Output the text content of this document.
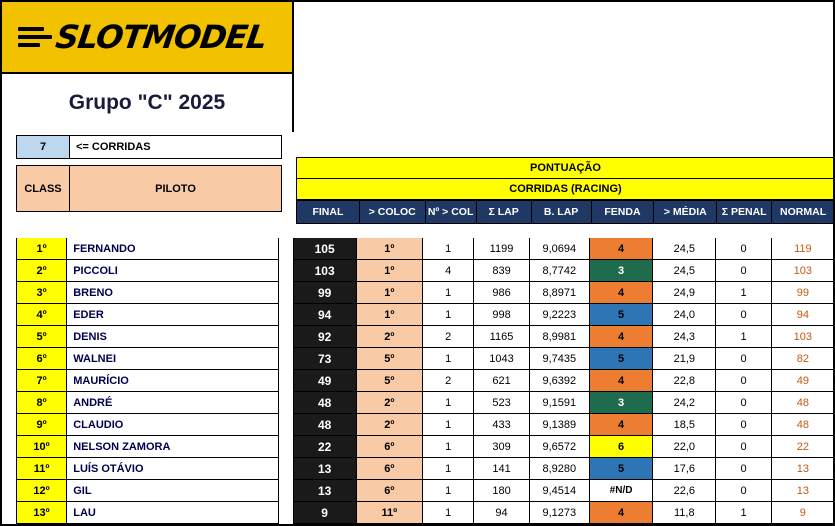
SLOTMODEL
Grupo "C" 2025
7	<= CORRIDAS
CLASS	PILOTO
PONTUAÇÃO
CORRIDAS (RACING)
FINAL	> COLOC	Nº > COL	Σ LAP	B. LAP	FENDA	> MÉDIA	Σ PENAL	NORMAL
1º	FERNANDO	105	1º	1	1199	9,0694	4	24,5	0	119
2º	PICCOLI	103	1º	4	839	8,7742	3	24,5	0	103
3º	BRENO	99	1º	1	986	8,8971	4	24,9	1	99
4º	EDER	94	1º	1	998	9,2223	5	24,0	0	94
5º	DENIS	92	2º	2	1165	8,9981	4	24,3	1	103
6º	WALNEI	73	5º	1	1043	9,7435	5	21,9	0	82
7º	MAURÍCIO	49	5º	2	621	9,6392	4	22,8	0	49
8º	ANDRÉ	48	2º	1	523	9,1591	3	24,2	0	48
9º	CLAUDIO	48	2º	1	433	9,1389	4	18,5	0	48
10º	NELSON ZAMORA	22	6º	1	309	9,6572	6	22,0	0	22
11º	LUÍS OTÁVIO	13	6º	1	141	8,9280	5	17,6	0	13
12º	GIL	13	6º	1	180	9,4514	#N/D	22,6	0	13
13º	LAU	9	11º	1	94	9,1273	4	11,8	1	9
